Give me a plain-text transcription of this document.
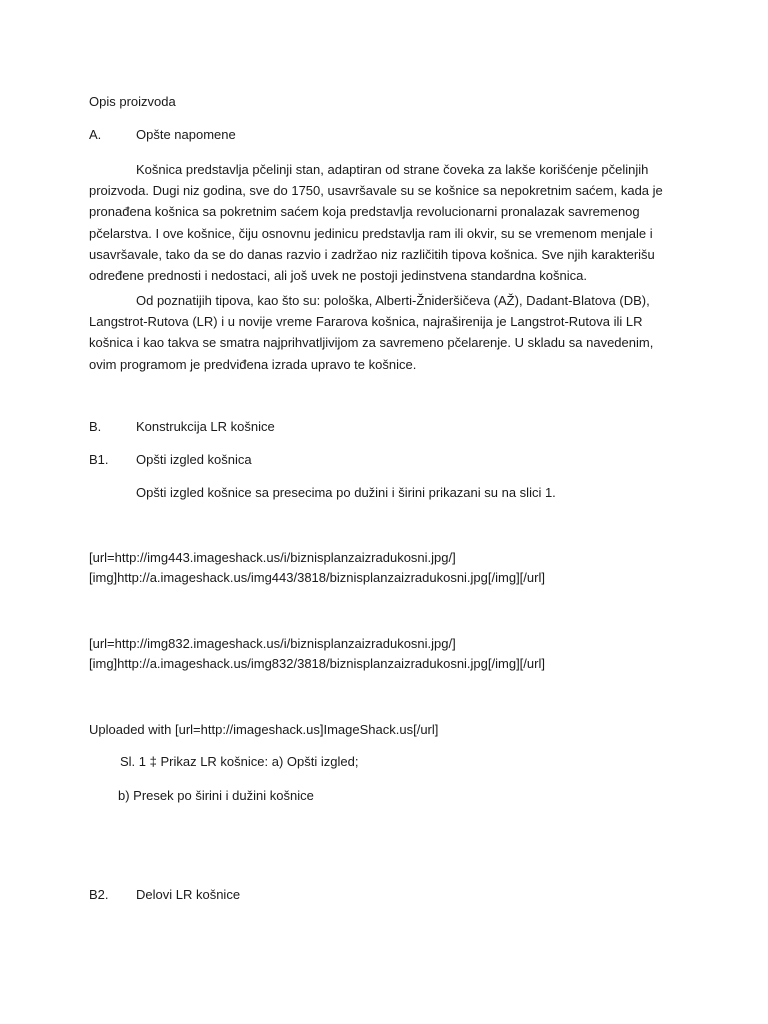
Opis proizvoda
A.	Opšte napomene
Košnica predstavlja pčelinji stan, adaptiran od strane čoveka za lakše korišćenje pčelinjih proizvoda. Dugi niz godina, sve do 1750, usavršavale su se košnice sa nepokretnim saćem, kada je pronađena košnica sa pokretnim saćem koja predstavlja revolucionarni pronalazak savremenog pčelarstva. I ove košnice, čiju osnovnu jedinicu predstavlja ram ili okvir, su se vremenom menjale i usavršavale, tako da se do danas razvio i zadržao niz različitih tipova košnica. Sve njih karakterišu određene prednosti i nedostaci, ali još uvek ne postoji jedinstvena standardna košnica.
Od poznatijih tipova, kao što su: pološka, Alberti-Žnideršičeva (AŽ), Dadant-Blatova (DB), Langstrot-Rutova (LR) i u novije vreme Fararova košnica, najraširenija je Langstrot-Rutova ili LR košnica i kao takva se smatra najprihvatljivijom za savremeno pčelarenje. U skladu sa navedenim, ovim programom je predviđena izrada upravo te košnice.
B.	Konstrukcija LR košnice
B1. Opšti izgled košnica
Opšti izgled košnice sa presecima po dužini i širini prikazani su na slici 1.
[url=http://img443.imageshack.us/i/biznisplanzaizradukosni.jpg/]
[img]http://a.imageshack.us/img443/3818/biznisplanzaizradukosni.jpg[/img][/url]
[url=http://img832.imageshack.us/i/biznisplanzaizradukosni.jpg/]
[img]http://a.imageshack.us/img832/3818/biznisplanzaizradukosni.jpg[/img][/url]
Uploaded with [url=http://imageshack.us]ImageShack.us[/url]
Sl. 1 ‡ Prikaz LR košnice: a) Opšti izgled;
b) Presek po širini i dužini košnice
B2. Delovi LR košnice
